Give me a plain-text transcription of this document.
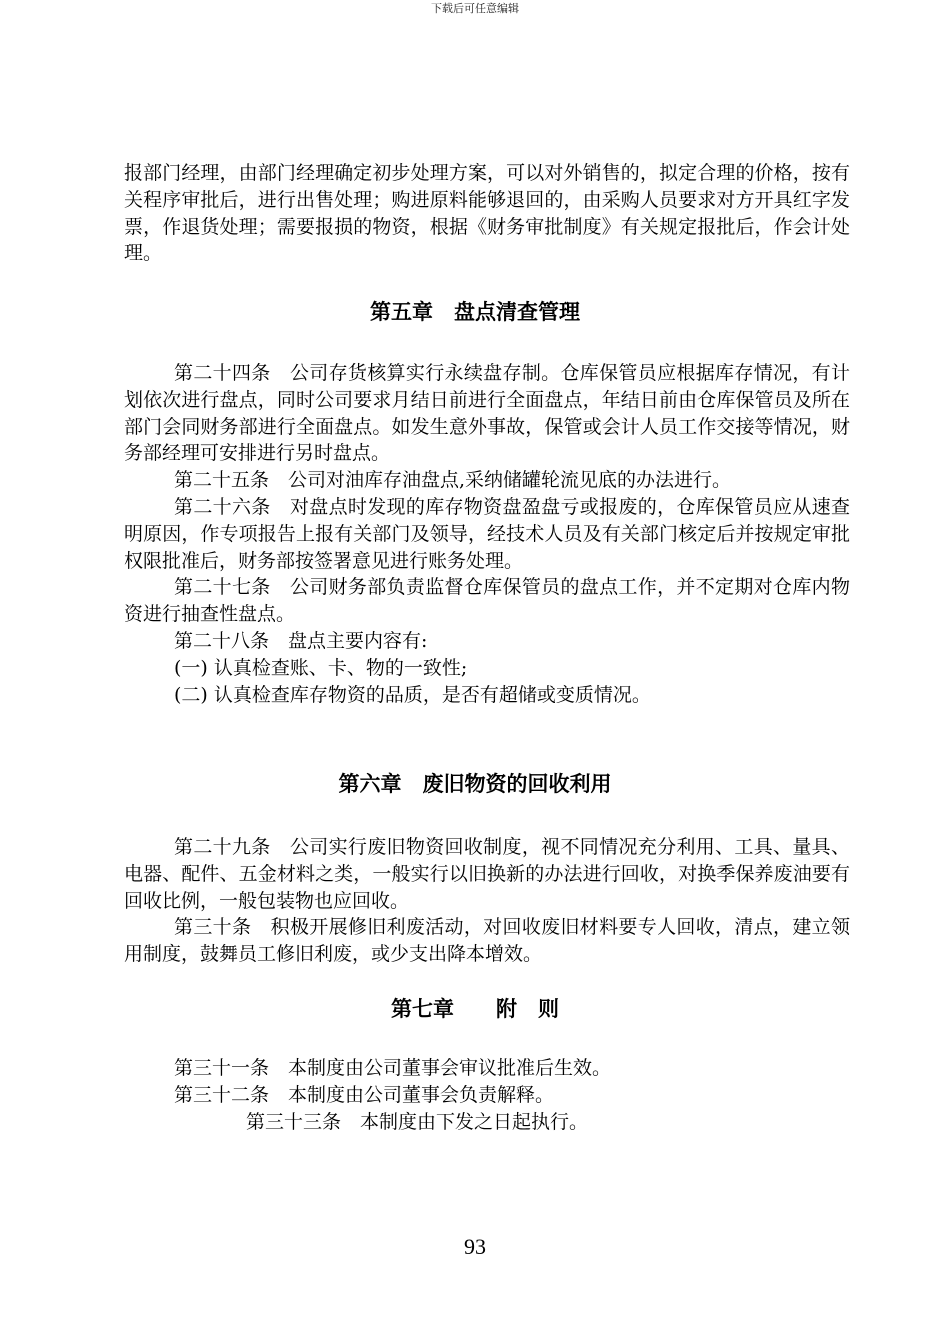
下载后可任意编辑

报部门经理，由部门经理确定初步处理方案，可以对外销售的，拟定合理的价格，按有关程序审批后，进行出售处理；购进原料能够退回的，由采购人员要求对方开具红字发票，作退货处理；需要报损的物资，根据《财务审批制度》有关规定报批后，作会计处理。

第五章　盘点清查管理

第二十四条　公司存货核算实行永续盘存制。仓库保管员应根据库存情况，有计划依次进行盘点，同时公司要求月结日前进行全面盘点，年结日前由仓库保管员及所在部门会同财务部进行全面盘点。如发生意外事故，保管或会计人员工作交接等情况，财务部经理可安排进行另时盘点。

第二十五条　公司对油库存油盘点,采纳储罐轮流见底的办法进行。

第二十六条　对盘点时发现的库存物资盘盈盘亏或报废的，仓库保管员应从速查明原因，作专项报告上报有关部门及领导，经技术人员及有关部门核定后并按规定审批权限批准后，财务部按签署意见进行账务处理。

第二十七条　公司财务部负责监督仓库保管员的盘点工作，并不定期对仓库内物资进行抽查性盘点。

第二十八条　盘点主要内容有:

(一) 认真检查账、卡、物的一致性;

(二) 认真检查库存物资的品质，是否有超储或变质情况。

第六章　废旧物资的回收利用

第二十九条　公司实行废旧物资回收制度，视不同情况充分利用、工具、量具、电器、配件、五金材料之类，一般实行以旧换新的办法进行回收，对换季保养废油要有回收比例，一般包装物也应回收。

第三十条　积极开展修旧利废活动，对回收废旧材料要专人回收，清点，建立领用制度，鼓舞员工修旧利废，或少支出降本增效。

第七章　　附　则

第三十一条　本制度由公司董事会审议批准后生效。

第三十二条　本制度由公司董事会负责解释。

第三十三条　本制度由下发之日起执行。

93
